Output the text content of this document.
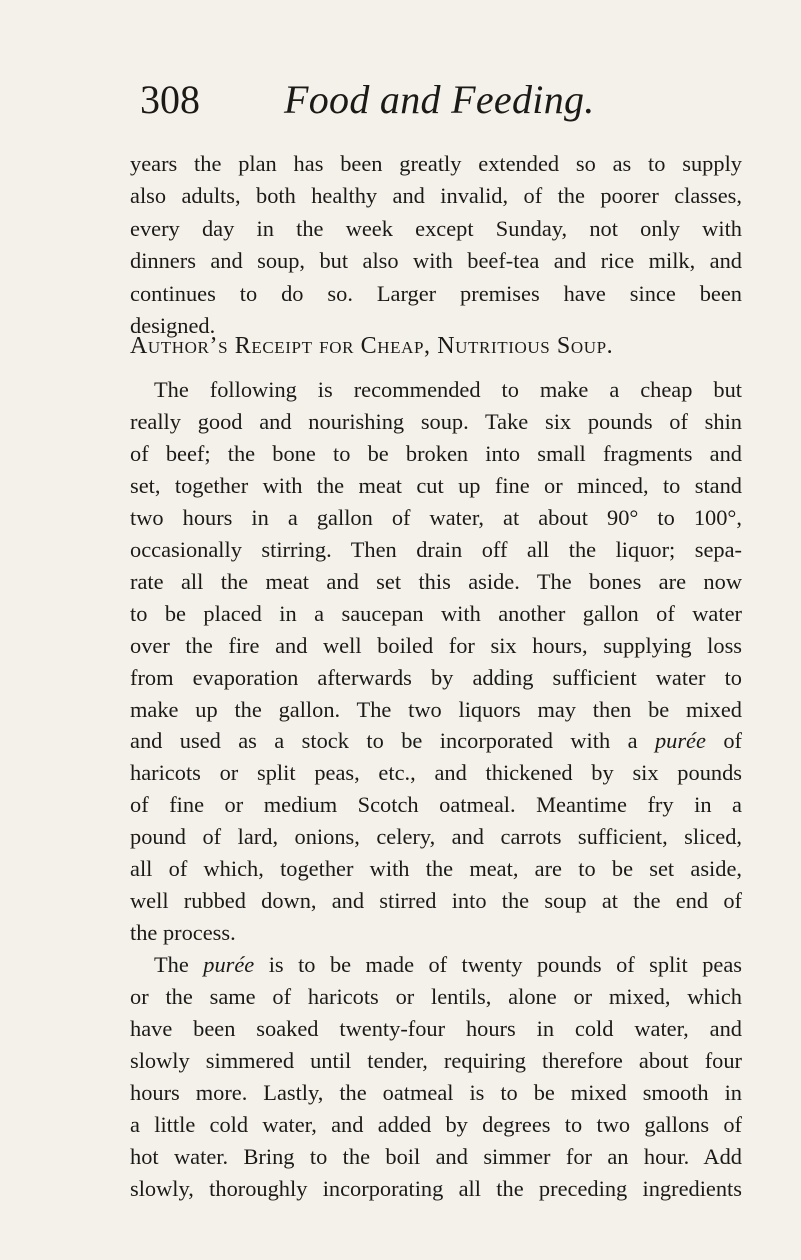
308 Food and Feeding.

years the plan has been greatly extended so as to supply

also adults, both healthy and invalid, of the poorer classes,

every day in the week except Sunday, not only with

dinners and soup, but also with beef-tea and rice milk, and

continues to do so. Larger premises have since been

designed.

Author’s Receipt for Cheap, Nutritious Soup.

The following is recommended to make a cheap but

really good and nourishing soup. Take six pounds of shin

of beef; the bone to be broken into small fragments and

set, together with the meat cut up fine or minced, to stand

two hours in a gallon of water, at about 90° to 100°,

occasionally stirring. Then drain off all the liquor; sepa-

rate all the meat and set this aside. The bones are now

to be placed in a saucepan with another gallon of water

over the fire and well boiled for six hours, supplying loss

from evaporation afterwards by adding sufficient water to

make up the gallon. The two liquors may then be mixed

and used as a stock to be incorporated with a purée of

haricots or split peas, etc., and thickened by six pounds

of fine or medium Scotch oatmeal. Meantime fry in a

pound of lard, onions, celery, and carrots sufficient, sliced,

all of which, together with the meat, are to be set aside,

well rubbed down, and stirred into the soup at the end of

the process.

The purée is to be made of twenty pounds of split peas

or the same of haricots or lentils, alone or mixed, which

have been soaked twenty-four hours in cold water, and

slowly simmered until tender, requiring therefore about four

hours more. Lastly, the oatmeal is to be mixed smooth in

a little cold water, and added by degrees to two gallons of

hot water. Bring to the boil and simmer for an hour. Add

slowly, thoroughly incorporating all the preceding ingredients
